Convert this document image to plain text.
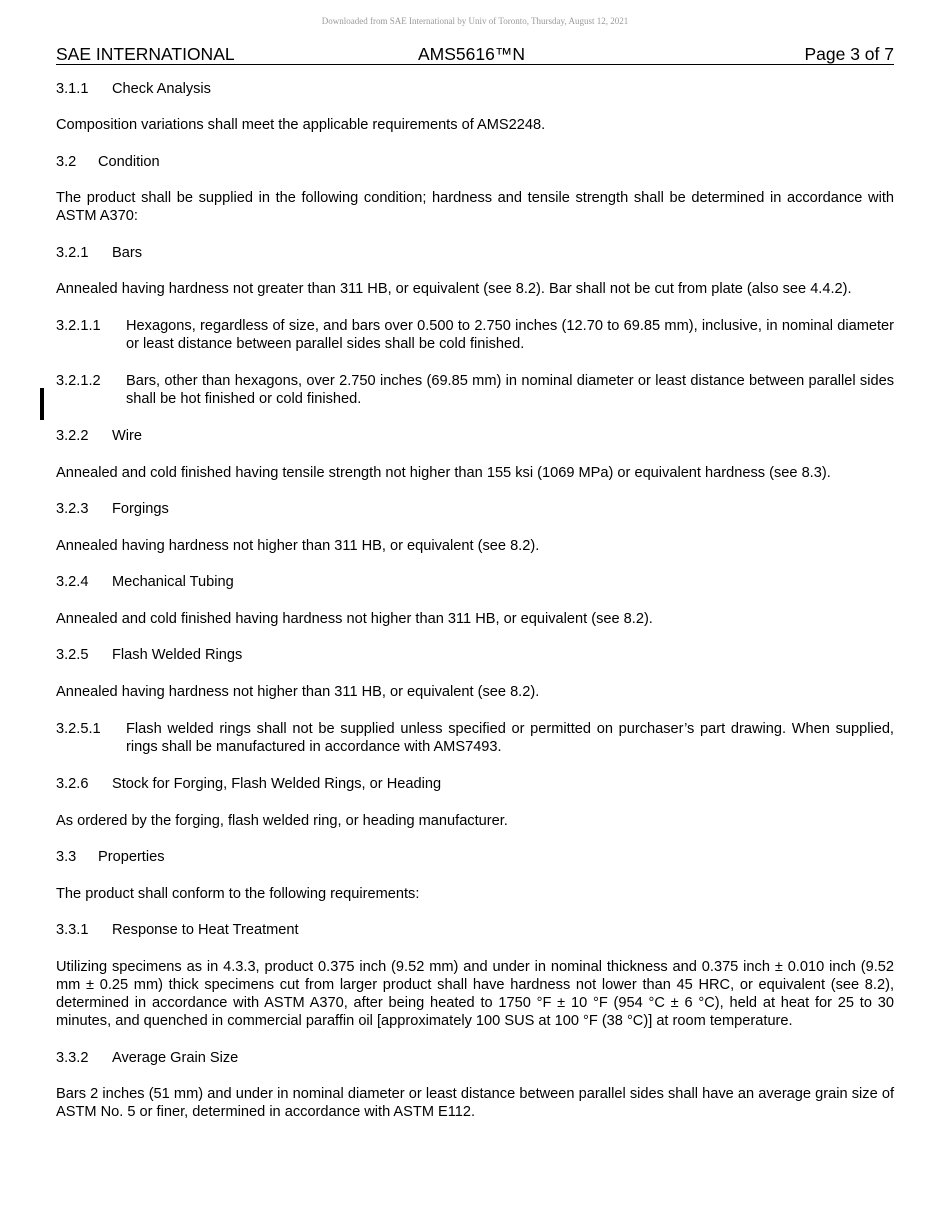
Downloaded from SAE International by Univ of Toronto, Thursday, August 12, 2021
SAE INTERNATIONAL	AMS5616™N	Page 3 of 7
3.1.1	Check Analysis

Composition variations shall meet the applicable requirements of AMS2248.

3.2	Condition

The product shall be supplied in the following condition; hardness and tensile strength shall be determined in accordance with ASTM A370:

3.2.1	Bars

Annealed having hardness not greater than 311 HB, or equivalent (see 8.2). Bar shall not be cut from plate (also see 4.4.2).

3.2.1.1	Hexagons, regardless of size, and bars over 0.500 to 2.750 inches (12.70 to 69.85 mm), inclusive, in nominal diameter or least distance between parallel sides shall be cold finished.
3.2.1.2	Bars, other than hexagons, over 2.750 inches (69.85 mm) in nominal diameter or least distance between parallel sides shall be hot finished or cold finished.
3.2.2	Wire

Annealed and cold finished having tensile strength not higher than 155 ksi (1069 MPa) or equivalent hardness (see 8.3).

3.2.3	Forgings

Annealed having hardness not higher than 311 HB, or equivalent (see 8.2).

3.2.4	Mechanical Tubing

Annealed and cold finished having hardness not higher than 311 HB, or equivalent (see 8.2).

3.2.5	Flash Welded Rings

Annealed having hardness not higher than 311 HB, or equivalent (see 8.2).

3.2.5.1	Flash welded rings shall not be supplied unless specified or permitted on purchaser’s part drawing. When supplied, rings shall be manufactured in accordance with AMS7493.
3.2.6	Stock for Forging, Flash Welded Rings, or Heading

As ordered by the forging, flash welded ring, or heading manufacturer.

3.3	Properties

The product shall conform to the following requirements:

3.3.1	Response to Heat Treatment

Utilizing specimens as in 4.3.3, product 0.375 inch (9.52 mm) and under in nominal thickness and 0.375 inch ± 0.010 inch (9.52 mm ± 0.25 mm) thick specimens cut from larger product shall have hardness not lower than 45 HRC, or equivalent (see 8.2), determined in accordance with ASTM A370, after being heated to 1750 °F ± 10 °F (954 °C ± 6 °C), held at heat for 25 to 30 minutes, and quenched in commercial paraffin oil [approximately 100 SUS at 100 °F (38 °C)] at room temperature.

3.3.2	Average Grain Size

Bars 2 inches (51 mm) and under in nominal diameter or least distance between parallel sides shall have an average grain size of ASTM No. 5 or finer, determined in accordance with ASTM E112.
